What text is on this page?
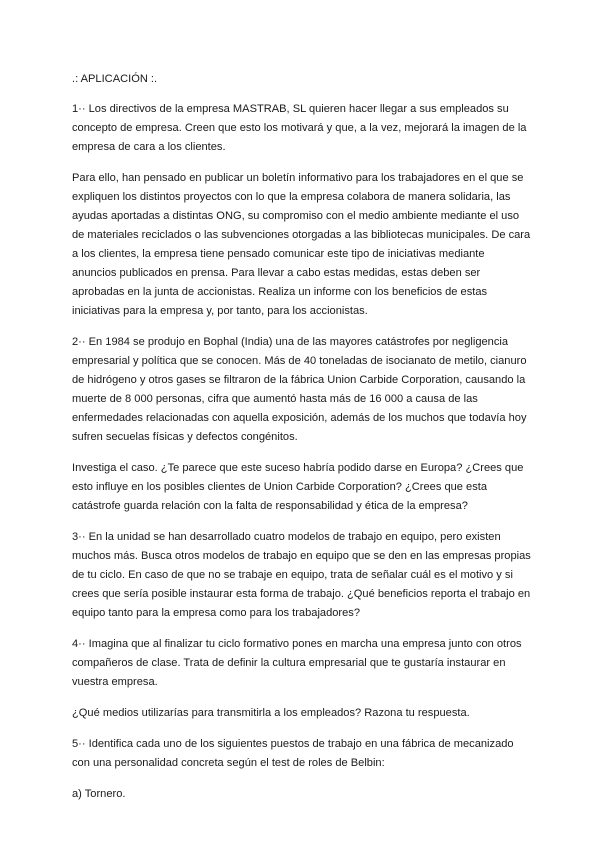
.: APLICACIÓN :.

1·· Los directivos de la empresa MASTRAB, SL quieren hacer llegar a sus empleados su concepto de empresa. Creen que esto los motivará y que, a la vez, mejorará la imagen de la empresa de cara a los clientes.

Para ello, han pensado en publicar un boletín informativo para los trabajadores en el que se expliquen los distintos proyectos con lo que la empresa colabora de manera solidaria, las ayudas aportadas a distintas ONG, su compromiso con el medio ambiente mediante el uso de materiales reciclados o las subvenciones otorgadas a las bibliotecas municipales. De cara a los clientes, la empresa tiene pensado comunicar este tipo de iniciativas mediante anuncios publicados en prensa. Para llevar a cabo estas medidas, estas deben ser aprobadas en la junta de accionistas. Realiza un informe con los beneficios de estas iniciativas para la empresa y, por tanto, para los accionistas.

2·· En 1984 se produjo en Bophal (India) una de las mayores catástrofes por negligencia empresarial y política que se conocen. Más de 40 toneladas de isocianato de metilo, cianuro de hidrógeno y otros gases se filtraron de la fábrica Union Carbide Corporation, causando la muerte de 8 000 personas, cifra que aumentó hasta más de 16 000 a causa de las enfermedades relacionadas con aquella exposición, además de los muchos que todavía hoy sufren secuelas físicas y defectos congénitos.

Investiga el caso. ¿Te parece que este suceso habría podido darse en Europa? ¿Crees que esto influye en los posibles clientes de Union Carbide Corporation? ¿Crees que esta catástrofe guarda relación con la falta de responsabilidad y ética de la empresa?

3·· En la unidad se han desarrollado cuatro modelos de trabajo en equipo, pero existen muchos más. Busca otros modelos de trabajo en equipo que se den en las empresas propias de tu ciclo. En caso de que no se trabaje en equipo, trata de señalar cuál es el motivo y si crees que sería posible instaurar esta forma de trabajo. ¿Qué beneficios reporta el trabajo en equipo tanto para la empresa como para los trabajadores?

4·· Imagina que al finalizar tu ciclo formativo pones en marcha una empresa junto con otros compañeros de clase. Trata de definir la cultura empresarial que te gustaría instaurar en vuestra empresa.

¿Qué medios utilizarías para transmitirla a los empleados? Razona tu respuesta.

5·· Identifica cada uno de los siguientes puestos de trabajo en una fábrica de mecanizado con una personalidad concreta según el test de roles de Belbin:

a) Tornero.
